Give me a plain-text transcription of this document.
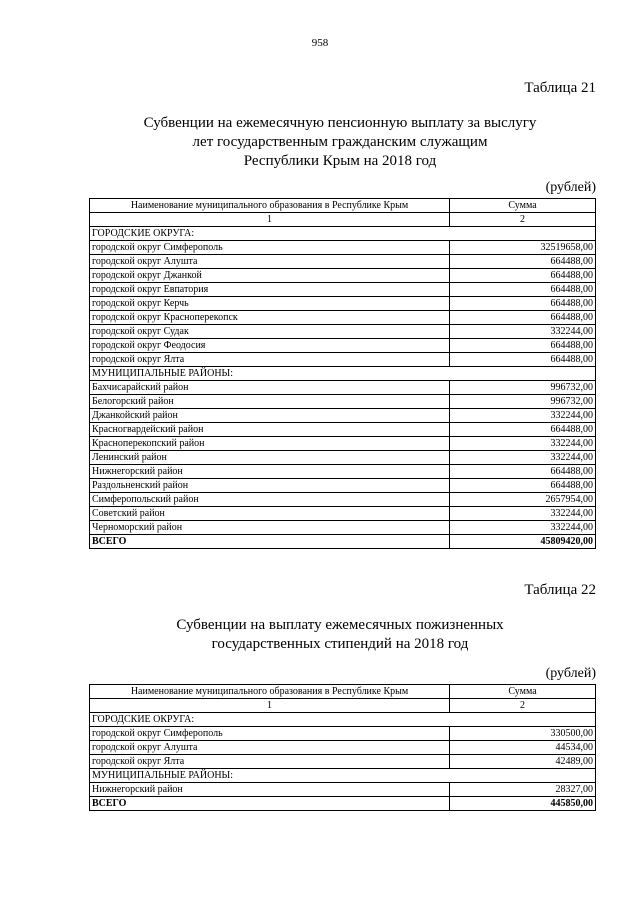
958
Таблица 21
Субвенции на ежемесячную пенсионную выплату за выслугу
лет государственным гражданским служащим
Республики Крым на 2018 год
(рублей)
Наименование муниципального образования в Республике Крым	Сумма
1	2
ГОРОДСКИЕ ОКРУГА:	
городской округ Симферополь	32519658,00
городской округ Алушта	664488,00
городской округ Джанкой	664488,00
городской округ Евпатория	664488,00
городской округ Керчь	664488,00
городской округ Красноперекопск	664488,00
городской округ Судак	332244,00
городской округ Феодосия	664488,00
городской округ Ялта	664488,00
МУНИЦИПАЛЬНЫЕ РАЙОНЫ:	
Бахчисарайский район	996732,00
Белогорский район	996732,00
Джанкойский район	332244,00
Красногвардейский район	664488,00
Красноперекопский район	332244,00
Ленинский район	332244,00
Нижнегорский район	664488,00
Раздольненский район	664488,00
Симферопольский район	2657954,00
Советский район	332244,00
Черноморский район	332244,00
ВСЕГО	45809420,00
Таблица 22
Субвенции на выплату ежемесячных пожизненных
государственных стипендий на 2018 год
(рублей)
Наименование муниципального образования в Республике Крым	Сумма
1	2
ГОРОДСКИЕ ОКРУГА:	
городской округ Симферополь	330500,00
городской округ Алушта	44534,00
городской округ Ялта	42489,00
МУНИЦИПАЛЬНЫЕ РАЙОНЫ:	
Нижнегорский район	28327,00
ВСЕГО	445850,00
